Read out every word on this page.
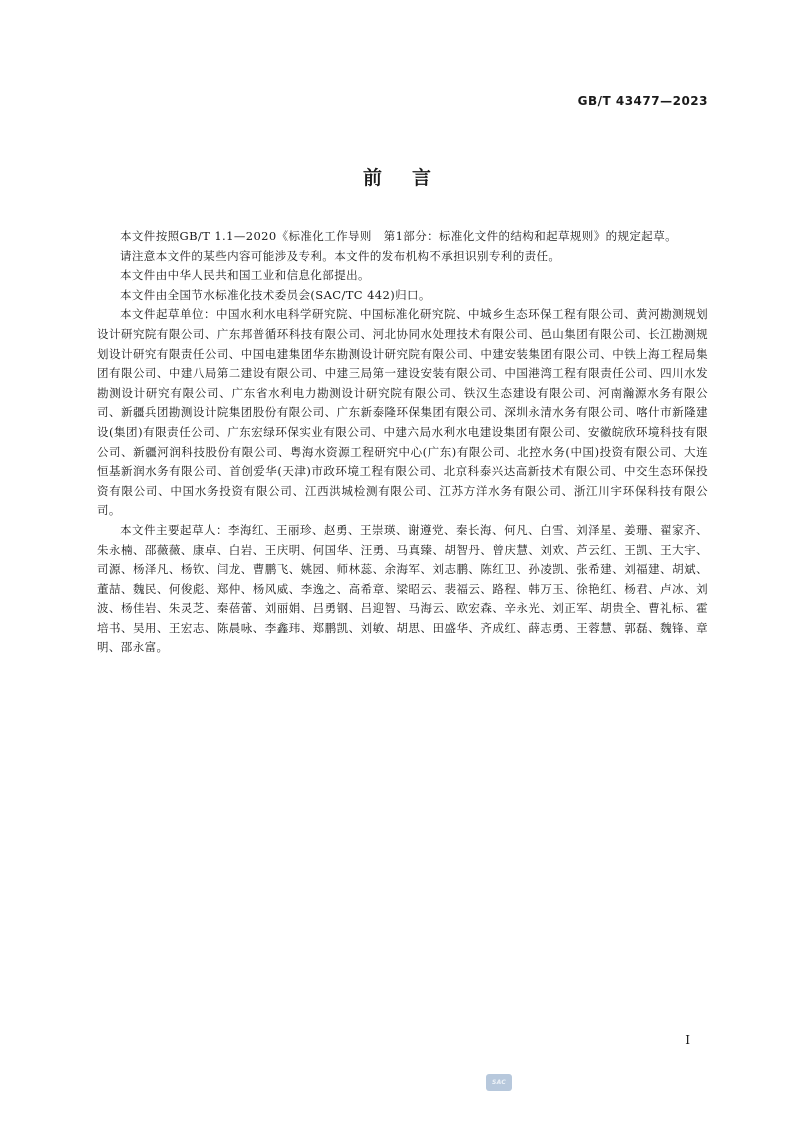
GB/T 43477—2023
前言

本文件按照GB/T 1.1—2020《标准化工作导则　第1部分：标准化文件的结构和起草规则》的规定起草。

请注意本文件的某些内容可能涉及专利。本文件的发布机构不承担识别专利的责任。

本文件由中华人民共和国工业和信息化部提出。

本文件由全国节水标准化技术委员会(SAC/TC 442)归口。

本文件起草单位：中国水利水电科学研究院、中国标准化研究院、中城乡生态环保工程有限公司、黄河勘测规划设计研究院有限公司、广东邦普循环科技有限公司、河北协同水处理技术有限公司、邑山集团有限公司、长江勘测规划设计研究有限责任公司、中国电建集团华东勘测设计研究院有限公司、中建安装集团有限公司、中铁上海工程局集团有限公司、中建八局第二建设有限公司、中建三局第一建设安装有限公司、中国港湾工程有限责任公司、四川水发勘测设计研究有限公司、广东省水利电力勘测设计研究院有限公司、铁汉生态建设有限公司、河南瀚源水务有限公司、新疆兵团勘测设计院集团股份有限公司、广东新泰隆环保集团有限公司、深圳永清水务有限公司、喀什市新隆建设(集团)有限责任公司、广东宏绿环保实业有限公司、中建六局水利水电建设集团有限公司、安徽皖欣环境科技有限公司、新疆河润科技股份有限公司、粤海水资源工程研究中心(广东)有限公司、北控水务(中国)投资有限公司、大连恒基新润水务有限公司、首创爱华(天津)市政环境工程有限公司、北京科泰兴达高新技术有限公司、中交生态环保投资有限公司、中国水务投资有限公司、江西洪城检测有限公司、江苏方洋水务有限公司、浙江川宇环保科技有限公司。

本文件主要起草人：李海红、王丽珍、赵勇、王崇瑛、谢遵党、秦长海、何凡、白雪、刘泽星、姜珊、翟家齐、朱永楠、邵薇薇、康卓、白岩、王庆明、何国华、汪勇、马真臻、胡智丹、曾庆慧、刘欢、芦云红、王凯、王大宇、司源、杨泽凡、杨钦、闫龙、曹鹏飞、姚园、师林蕊、余海军、刘志鹏、陈红卫、孙凌凯、张希建、刘福建、胡斌、董喆、魏民、何俊彪、郑仲、杨风威、李逸之、高希章、梁昭云、裴福云、路程、韩万玉、徐艳红、杨君、卢冰、刘波、杨佳岩、朱灵芝、秦蓓蕾、刘丽娟、吕勇钢、吕迎智、马海云、欧宏森、辛永光、刘正军、胡贵全、曹礼标、霍培书、吴用、王宏志、陈晨咏、李鑫玮、郑鹏凯、刘敏、胡思、田盛华、齐成红、薛志勇、王蓉慧、郭磊、魏锋、章明、邵永富。

I
SAC
